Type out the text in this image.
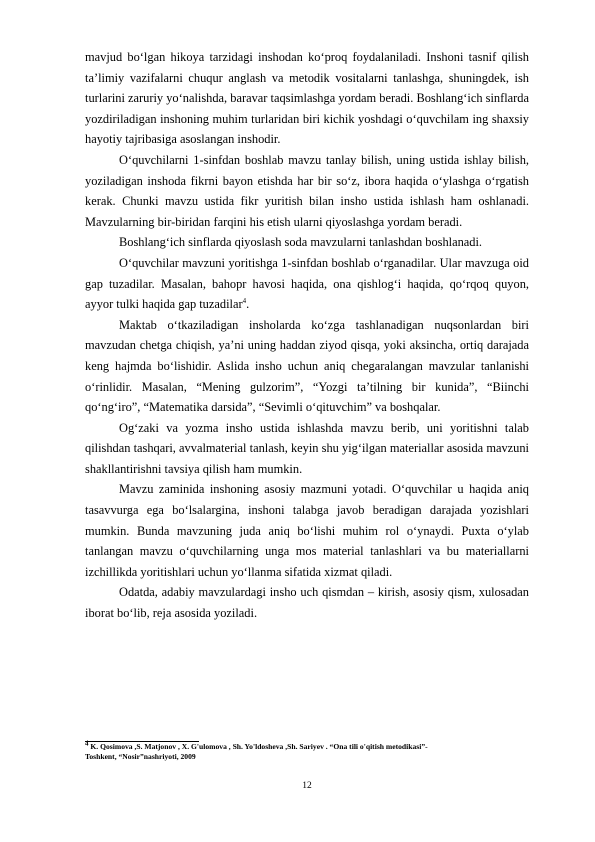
mavjud bo‘lgan hikoya tarzidagi inshodan ko‘proq foydalaniladi. Inshoni tasnif qilish ta’limiy vazifalarni chuqur anglash va metodik vositalarni tanlashga, shuningdek, ish turlarini zaruriy yo‘nalishda, baravar taqsimlashga yordam beradi. Boshlang‘ich sinflarda yozdiriladigan inshoning muhim turlaridan biri kichik yoshdagi o‘quvchilam ing shaxsiy hayotiy tajribasiga asoslangan inshodir.

O‘quvchilarni 1-sinfdan boshlab mavzu tanlay bilish, uning ustida ishlay bilish, yoziladigan inshoda fikrni bayon etishda har bir so‘z, ibora haqida o‘ylashga o‘rgatish kerak. Chunki mavzu ustida fikr yuritish bilan insho ustida ishlash ham oshlanadi. Mavzularning bir-biridan farqini his etish ularni qiyoslashga yordam beradi.

Boshlang‘ich sinflarda qiyoslash soda mavzularni tanlashdan boshlanadi.

O‘quvchilar mavzuni yoritishga 1-sinfdan boshlab o‘rganadilar. Ular mavzuga oid gap tuzadilar. Masalan, bahopr havosi haqida, ona qishlog‘i haqida, qo‘rqoq quyon, ayyor tulki haqida gap tuzadilar$^4$.

Maktab o‘tkaziladigan insholarda ko‘zga tashlanadigan nuqsonlardan biri mavzudan chetga chiqish, ya’ni uning haddan ziyod qisqa, yoki aksincha, ortiq darajada keng hajmda bo‘lishidir. Aslida insho uchun aniq chegaralangan mavzular tanlanishi o‘rinlidir. Masalan, “Mening gulzorim”, “Yozgi ta’tilning bir kunida”, “Biinchi qo‘ng‘iro”, “Matematika darsida”, “Sevimli o‘qituvchim” va boshqalar.

Og‘zaki va yozma insho ustida ishlashda mavzu berib, uni yoritishni talab qilishdan tashqari, avvalmaterial tanlash, keyin shu yig‘ilgan materiallar asosida mavzuni shakllantirishni tavsiya qilish ham mumkin.

Mavzu zaminida inshoning asosiy mazmuni yotadi. O‘quvchilar u haqida aniq tasavvurga ega bo‘lsalargina, inshoni talabga javob beradigan darajada yozishlari mumkin. Bunda mavzuning juda aniq bo‘lishi muhim rol o‘ynaydi. Puxta o‘ylab tanlangan mavzu o‘quvchilarning unga mos material tanlashlari va bu materiallarni izchillikda yoritishlari uchun yo‘llanma sifatida xizmat qiladi.

Odatda, adabiy mavzulardagi insho uch qismdan – kirish, asosiy qism, xulosadan iborat bo‘lib, reja asosida yoziladi.

$^4$ K. Qosimova ,S. Matjonov , X. G'ulomova , Sh. Yo'ldosheva ,Sh. Sariyev . “Ona tili o'qitish metodikasi”-

Toshkent, “Nosir”nashriyoti, 2009

12
